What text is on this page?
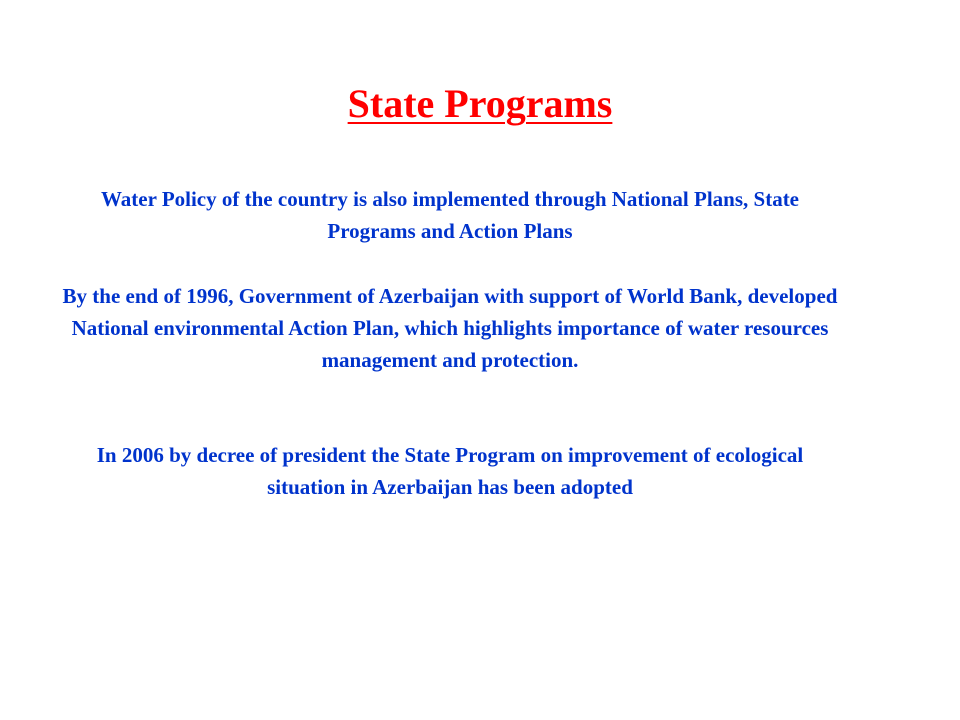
State Programs

Water Policy of the country is also implemented through National Plans, State Programs and Action Plans

By the end of 1996, Government of Azerbaijan with support of World Bank, developed National environmental Action Plan, which highlights importance of water resources management and protection.

In 2006 by decree of president the State Program on improvement of ecological situation in Azerbaijan has been adopted
